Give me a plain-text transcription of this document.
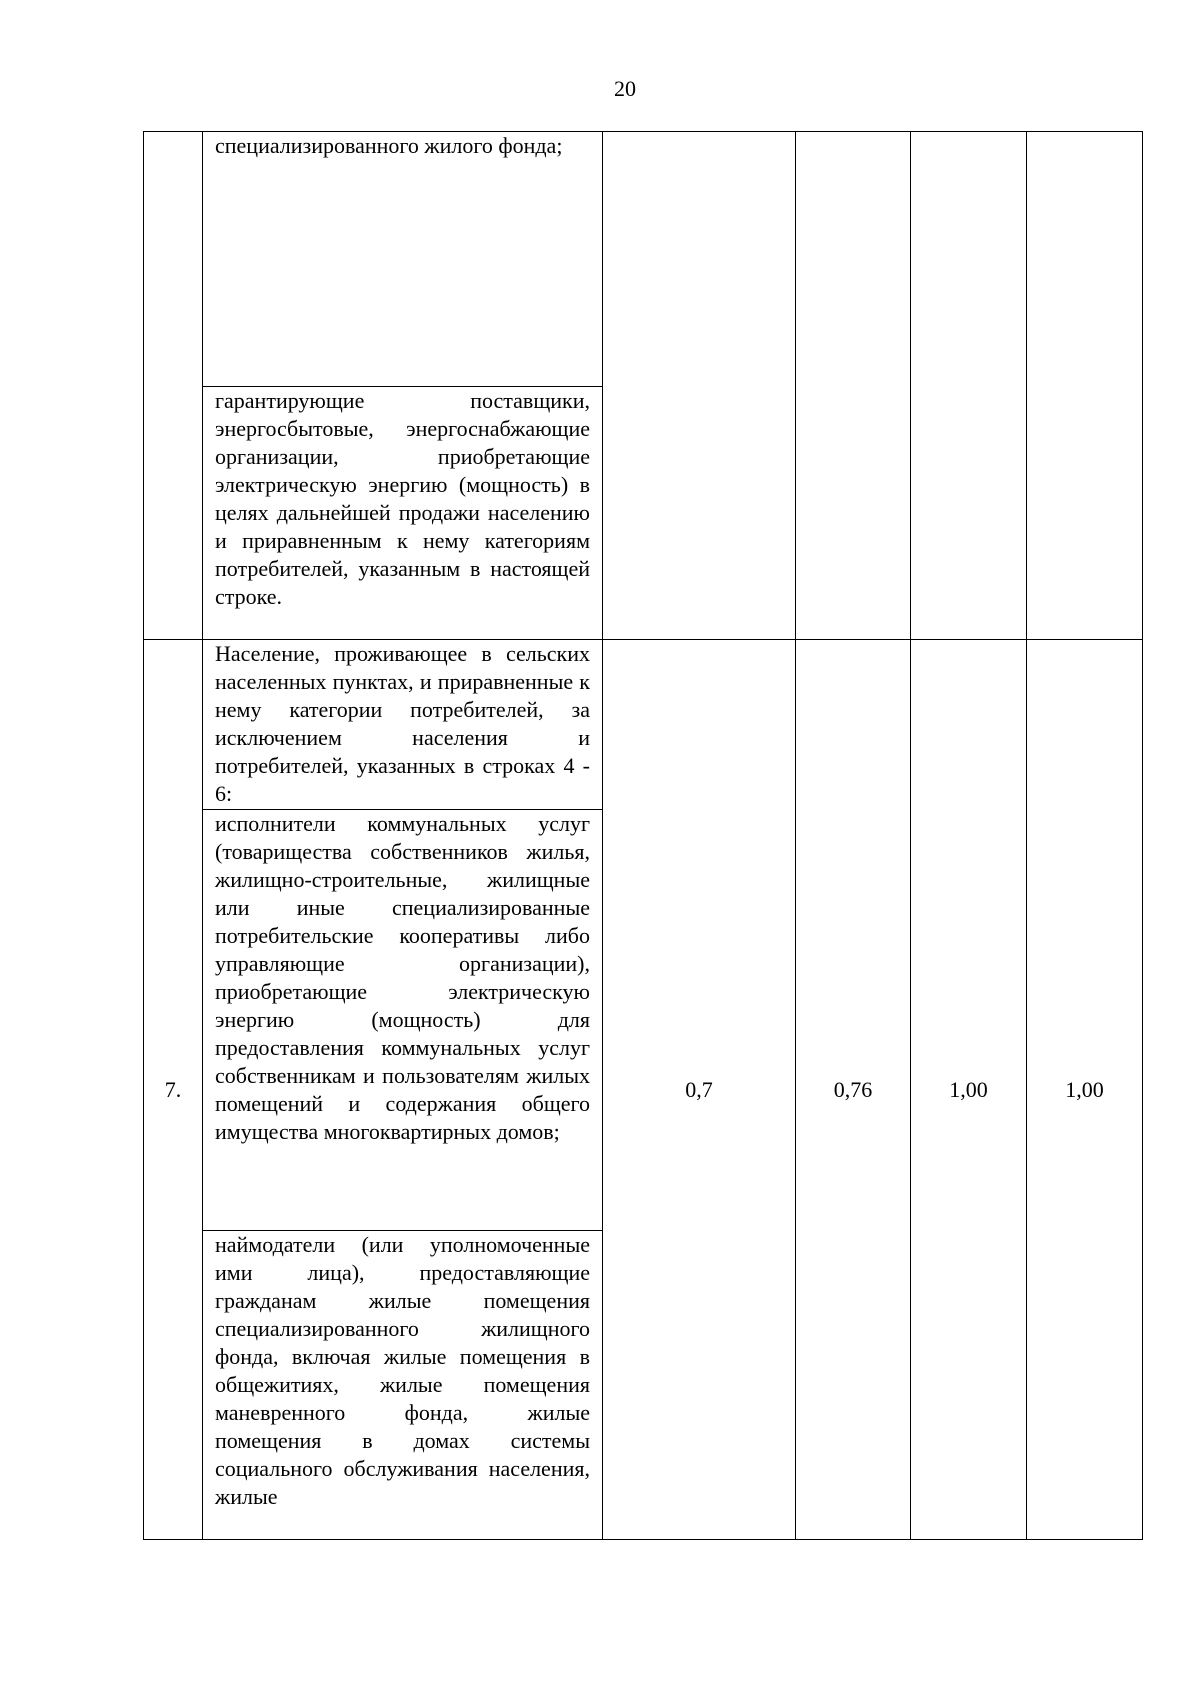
20

	специализированного жилого фонда;				

	гарантирующие поставщики, энергосбытовые, энергоснабжающие организации, приобретающие электрическую энергию (мощность) в целях дальнейшей продажи населению и приравненным к нему категориям потребителей, указанным в настоящей строке.				

7.	Население, проживающее в сельских населенных пунктах, и приравненные к нему категории потребителей, за исключением населения и потребителей, указанных в строках 4 - 6:	0,7	0,76	1,00	1,00

	исполнители коммунальных услуг (товарищества собственников жилья, жилищно-строительные, жилищные или иные специализированные потребительские кооперативы либо управляющие организации), приобретающие электрическую энергию (мощность) для предоставления коммунальных услуг собственникам и пользователям жилых помещений и содержания общего имущества многоквартирных домов;				

	наймодатели (или уполномоченные ими лица), предоставляющие гражданам жилые помещения специализированного жилищного фонда, включая жилые помещения в общежитиях, жилые помещения маневренного фонда, жилые помещения в домах системы социального обслуживания населения, жилые				
